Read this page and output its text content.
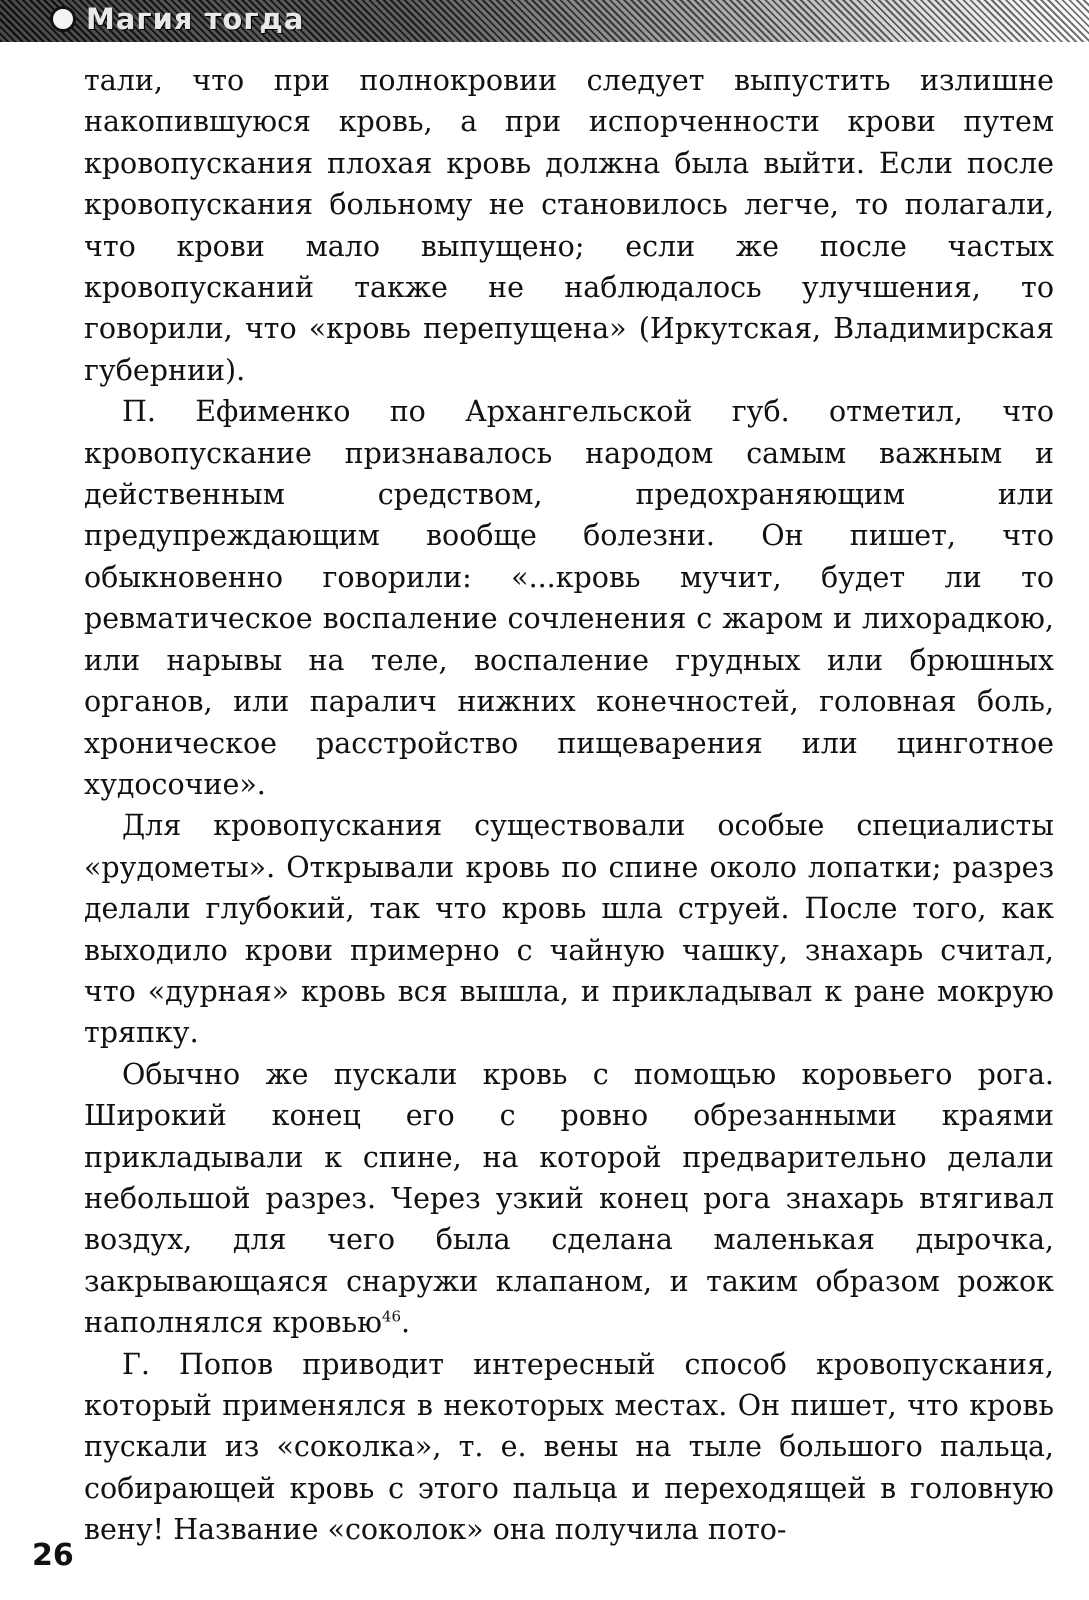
Магия тогда

тали, что при полнокровии следует выпустить излишне накопившуюся кровь, а при испорченности крови путем кровопускания плохая кровь должна была выйти. Если после кровопускания больному не становилось легче, то полагали, что крови мало выпущено; если же после частых кровопусканий также не наблюдалось улучшения, то говорили, что «кровь перепущена» (Иркутская, Владимирская губернии).

П. Ефименко по Архангельской губ. отметил, что кровопускание признавалось народом самым важным и действенным средством, предохраняющим или предупреждающим вообще болезни. Он пишет, что обыкновенно говорили: «...кровь мучит, будет ли то ревматическое воспаление сочленения с жаром и лихорадкою, или нарывы на теле, воспаление грудных или брюшных органов, или паралич нижних конечностей, головная боль, хроническое расстройство пищеварения или цинготное худосочие».

Для кровопускания существовали особые специалисты «рудометы». Открывали кровь по спине около лопатки; разрез делали глубокий, так что кровь шла струей. После того, как выходило крови примерно с чайную чашку, знахарь считал, что «дурная» кровь вся вышла, и прикладывал к ране мокрую тряпку.

Обычно же пускали кровь с помощью коровьего рога. Широкий конец его с ровно обрезанными краями прикладывали к спине, на которой предварительно делали небольшой разрез. Через узкий конец рога знахарь втягивал воздух, для чего была сделана маленькая дырочка, закрывающаяся снаружи клапаном, и таким образом рожок наполнялся кровью$^{46}$.

Г. Попов приводит интересный способ кровопускания, который применялся в некоторых местах. Он пишет, что кровь пускали из «соколка», т. е. вены на тыле большого пальца, собирающей кровь с этого пальца и переходящей в головную вену! Название «соколок» она получила пото-

26
